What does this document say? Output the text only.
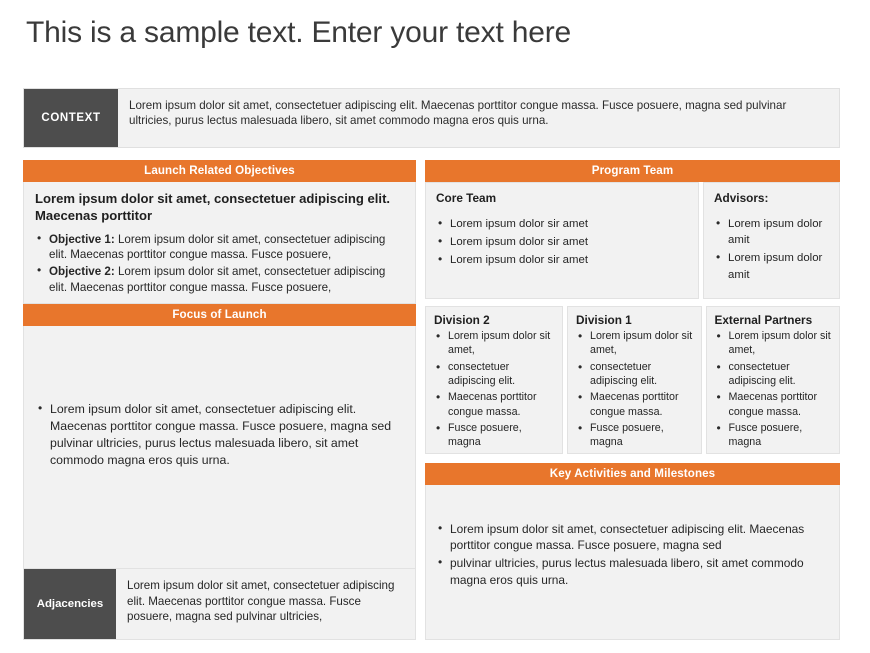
This is a sample text. Enter your text here
CONTEXT
Lorem ipsum dolor sit amet, consectetuer adipiscing elit. Maecenas porttitor congue massa. Fusce posuere, magna sed pulvinar ultricies, purus lectus malesuada libero, sit amet commodo magna eros quis urna.
Launch Related Objectives
Lorem ipsum dolor sit amet, consectetuer adipiscing elit. Maecenas porttitor
• Objective 1: Lorem ipsum dolor sit amet, consectetuer adipiscing elit. Maecenas porttitor congue massa. Fusce posuere,
• Objective 2: Lorem ipsum dolor sit amet, consectetuer adipiscing elit. Maecenas porttitor congue massa. Fusce posuere,
Focus of Launch
• Lorem ipsum dolor sit amet, consectetuer adipiscing elit. Maecenas porttitor congue massa. Fusce posuere, magna sed pulvinar ultricies, purus lectus malesuada libero, sit amet commodo magna eros quis urna.
Adjacencies
Lorem ipsum dolor sit amet, consectetuer adipiscing elit. Maecenas porttitor congue massa. Fusce posuere, magna sed pulvinar ultricies,
Program Team
Core Team
• Lorem ipsum dolor sir amet
• Lorem ipsum dolor sir amet
• Lorem ipsum dolor sir amet
Advisors:
• Lorem ipsum dolor amit
• Lorem ipsum dolor amit
Division 2
• Lorem ipsum dolor sit amet,
• consectetuer adipiscing elit.
• Maecenas porttitor congue massa.
• Fusce posuere, magna
Division 1
• Lorem ipsum dolor sit amet,
• consectetuer adipiscing elit.
• Maecenas porttitor congue massa.
• Fusce posuere, magna
External Partners
• Lorem ipsum dolor sit amet,
• consectetuer adipiscing elit.
• Maecenas porttitor congue massa.
• Fusce posuere, magna
Key Activities and Milestones
• Lorem ipsum dolor sit amet, consectetuer adipiscing elit. Maecenas porttitor congue massa. Fusce posuere, magna sed
• pulvinar ultricies, purus lectus malesuada libero, sit amet commodo magna eros quis urna.
